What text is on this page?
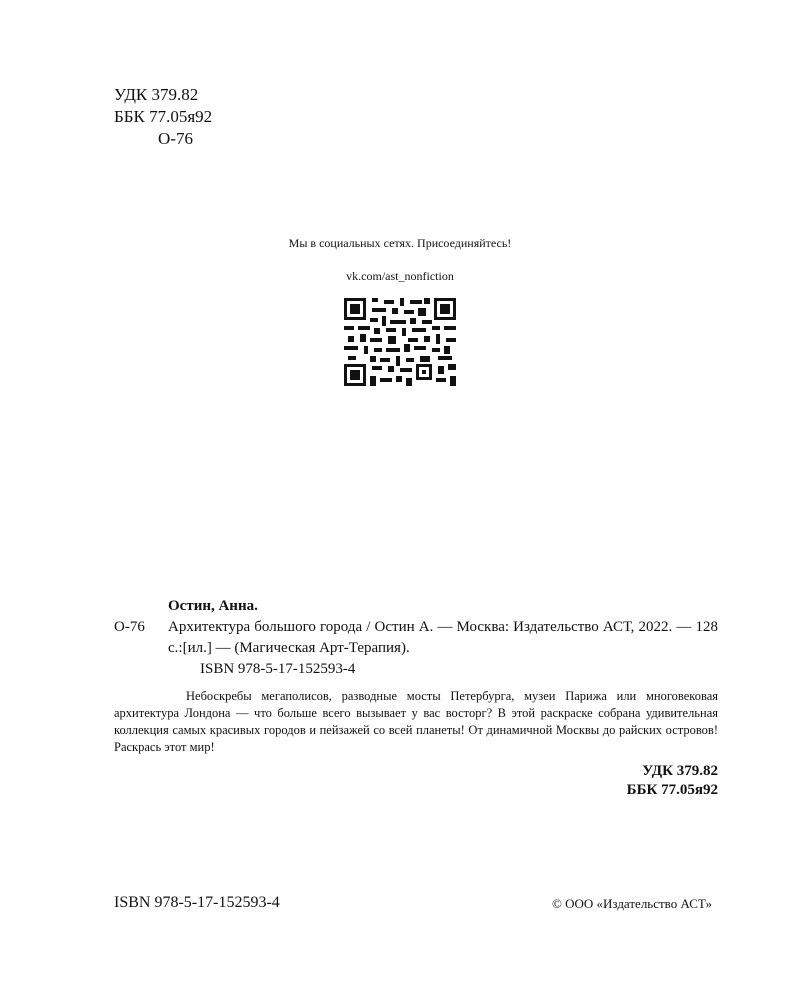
УДК 379.82
ББК 77.05я92
О-76
Мы в социальных сетях. Присоединяйтесь!
vk.com/ast_nonfiction
Остин, Анна.
О-76 Архитектура большого города / Остин А. — Москва: Издательство АСТ, 2022. — 128 с.:[ил.] — (Магическая Арт-Терапия).
ISBN 978-5-17-152593-4
Небоскребы мегаполисов, разводные мосты Петербурга, музеи Парижа или многовековая архитектура Лондона — что больше всего вызывает у вас восторг? В этой раскраске собрана удивительная коллекция самых красивых городов и пейзажей со всей планеты! От динамичной Москвы до райских островов! Раскрась этот мир!
УДК 379.82
ББК 77.05я92
ISBN 978-5-17-152593-4	© ООО «Издательство АСТ»
